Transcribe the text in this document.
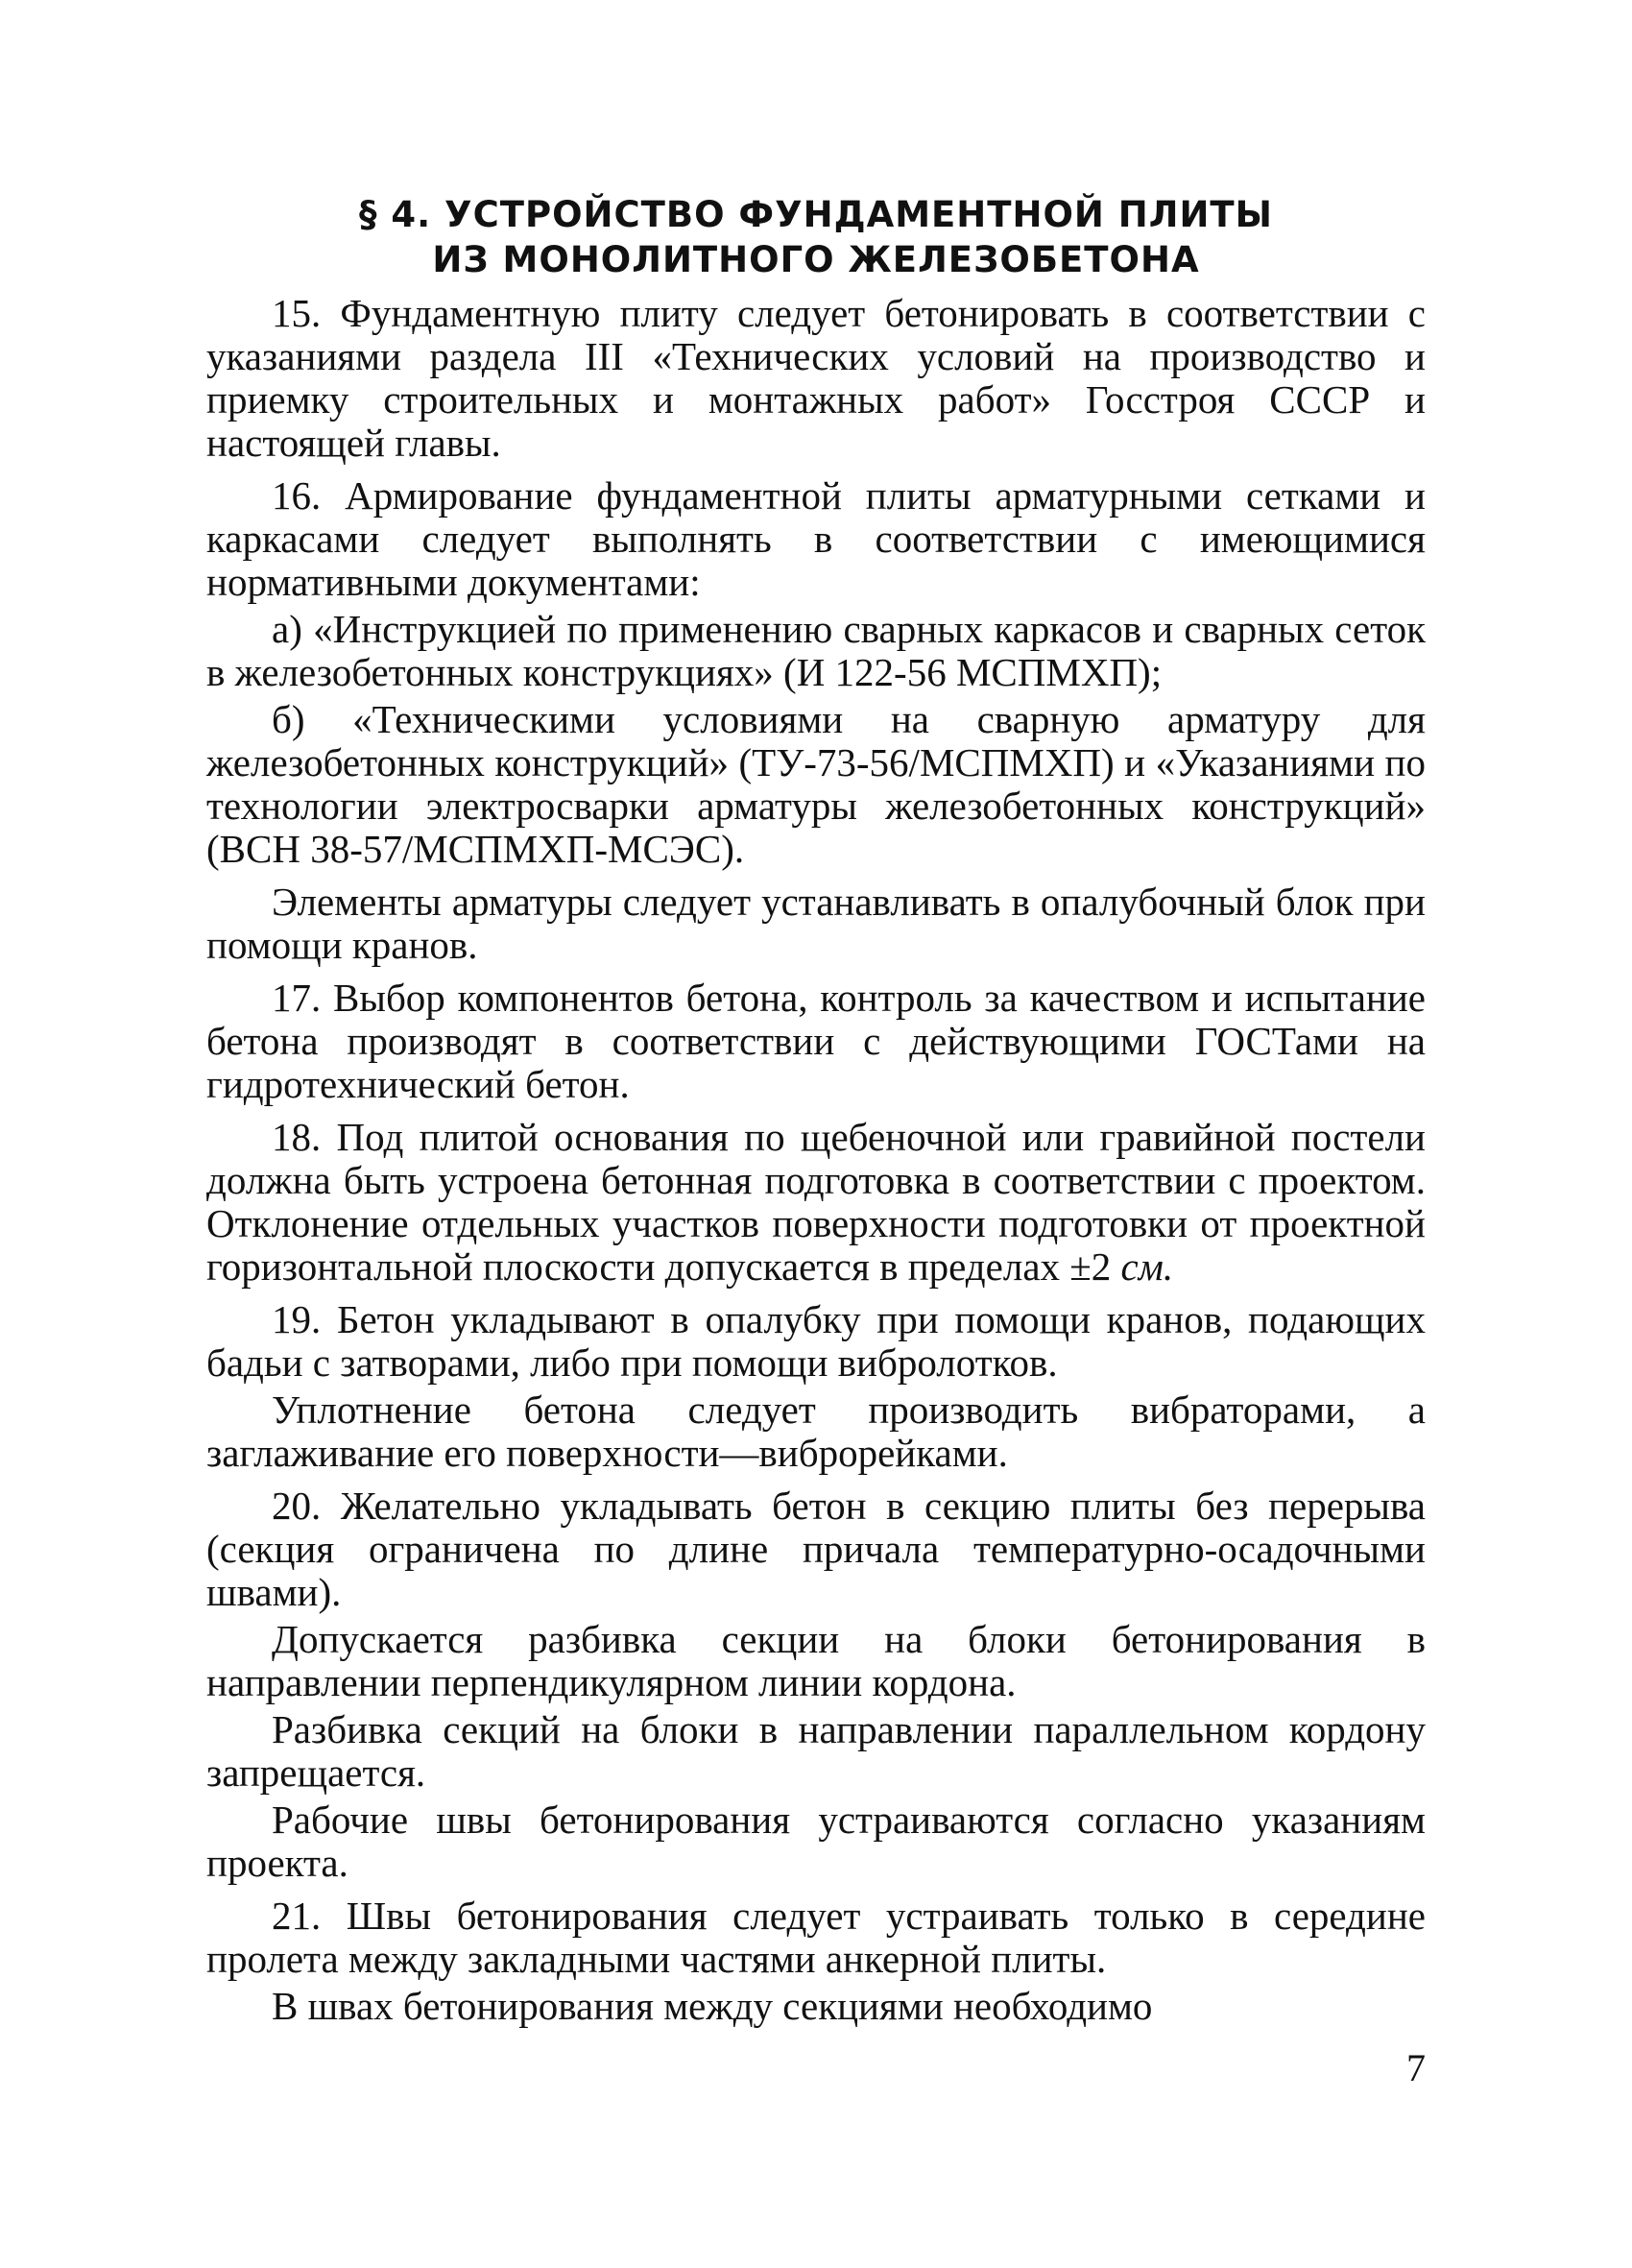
§ 4. УСТРОЙСТВО ФУНДАМЕНТНОЙ ПЛИТЫ
ИЗ МОНОЛИТНОГО ЖЕЛЕЗОБЕТОНА

15. Фундаментную плиту следует бетонировать в соответствии с указаниями раздела III «Технических условий на производство и приемку строительных и монтажных работ» Госстроя СССР и настоящей главы.

16. Армирование фундаментной плиты арматурными сетками и каркасами следует выполнять в соответствии с имеющимися нормативными документами:

а) «Инструкцией по применению сварных каркасов и сварных сеток в железобетонных конструкциях» (И 122-56 МСПМХП);

б) «Техническими условиями на сварную арматуру для железобетонных конструкций» (ТУ-73-56/МСПМХП) и «Указаниями по технологии электросварки арматуры железобетонных конструкций» (ВСН 38-57/МСПМХП-МСЭС).

Элементы арматуры следует устанавливать в опалубочный блок при помощи кранов.

17. Выбор компонентов бетона, контроль за качеством и испытание бетона производят в соответствии с действующими ГОСТами на гидротехнический бетон.

18. Под плитой основания по щебеночной или гравийной постели должна быть устроена бетонная подготовка в соответствии с проектом. Отклонение отдельных участков поверхности подготовки от проектной горизонтальной плоскости допускается в пределах ±2 см.

19. Бетон укладывают в опалубку при помощи кранов, подающих бадьи с затворами, либо при помощи вибролотков.

Уплотнение бетона следует производить вибраторами, а заглаживание его поверхности—виброрейками.

20. Желательно укладывать бетон в секцию плиты без перерыва (секция ограничена по длине причала температурно-осадочными швами).

Допускается разбивка секции на блоки бетонирования в направлении перпендикулярном линии кордона.

Разбивка секций на блоки в направлении параллельном кордону запрещается.

Рабочие швы бетонирования устраиваются согласно указаниям проекта.

21. Швы бетонирования следует устраивать только в середине пролета между закладными частями анкерной плиты.

В швах бетонирования между секциями необходимо

7
